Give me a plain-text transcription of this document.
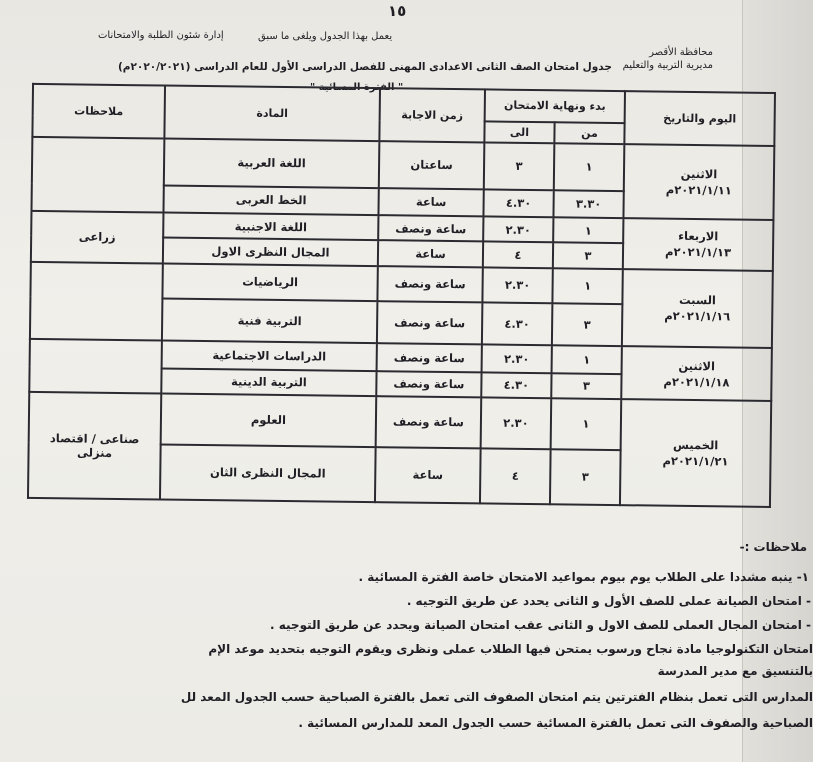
١٥
محافظة الأقصر
مديرية التربية والتعليم
يعمل بهذا الجدول ويلغى ما سبق
إدارة شئون الطلبة والامتحانات
جدول امتحان الصف الثانى الاعدادى المهنى للفصل الدراسى الأول للعام الدراسى (٢٠٢٠/٢٠٢١م)
" الفترة المسائية "
اليوم والتاريخ	بدء ونهاية الامتحان		زمن الاجابة	المادة	ملاحظات
	من	الى			

الاثنين
٢٠٢١/١/١١م	١	٣	ساعتان	اللغة العربية	
	٣.٣٠	٤.٣٠	ساعة	الخط العربى	

الاربعاء
٢٠٢١/١/١٣م	١	٢.٣٠	ساعة ونصف	اللغة الاجنبية	زراعى
	٣	٤	ساعة	المجال النظرى الاول	

السبت
٢٠٢١/١/١٦م	١	٢.٣٠	ساعة ونصف	الرياضيات	
	٣	٤.٣٠	ساعة ونصف	التربية فنية	

الاثنين
٢٠٢١/١/١٨م	١	٢.٣٠	ساعة ونصف	الدراسات الاجتماعية	
	٣	٤.٣٠	ساعة ونصف	التربية الدينية	

الخميس
٢٠٢١/١/٢١م	١	٢.٣٠	ساعة ونصف	العلوم	صناعى / اقتصاد منزلى
	٣	٤	ساعة	المجال النظرى الثان	
ملاحظات :-
١- ينبه مشددا على الطلاب يوم بيوم بمواعيد الامتحان خاصة الفترة المسائية .
- امتحان الصيانة عملى للصف الأول و الثانى يحدد عن طريق التوجيه .
- امتحان المجال العملى للصف الاول و الثانى عقب امتحان الصيانة ويحدد عن طريق التوجيه .
امتحان التكنولوجيا مادة نجاح ورسوب يمتحن فيها الطلاب عملى ونظرى ويقوم التوجيه بتحديد موعد الإم
بالتنسيق مع مدير المدرسة
المدارس التى تعمل بنظام الفترتين يتم امتحان الصفوف التى تعمل بالفترة الصباحية حسب الجدول المعد لل
الصباحية والصفوف التى تعمل بالفترة المسائية حسب الجدول المعد للمدارس المسائية .
